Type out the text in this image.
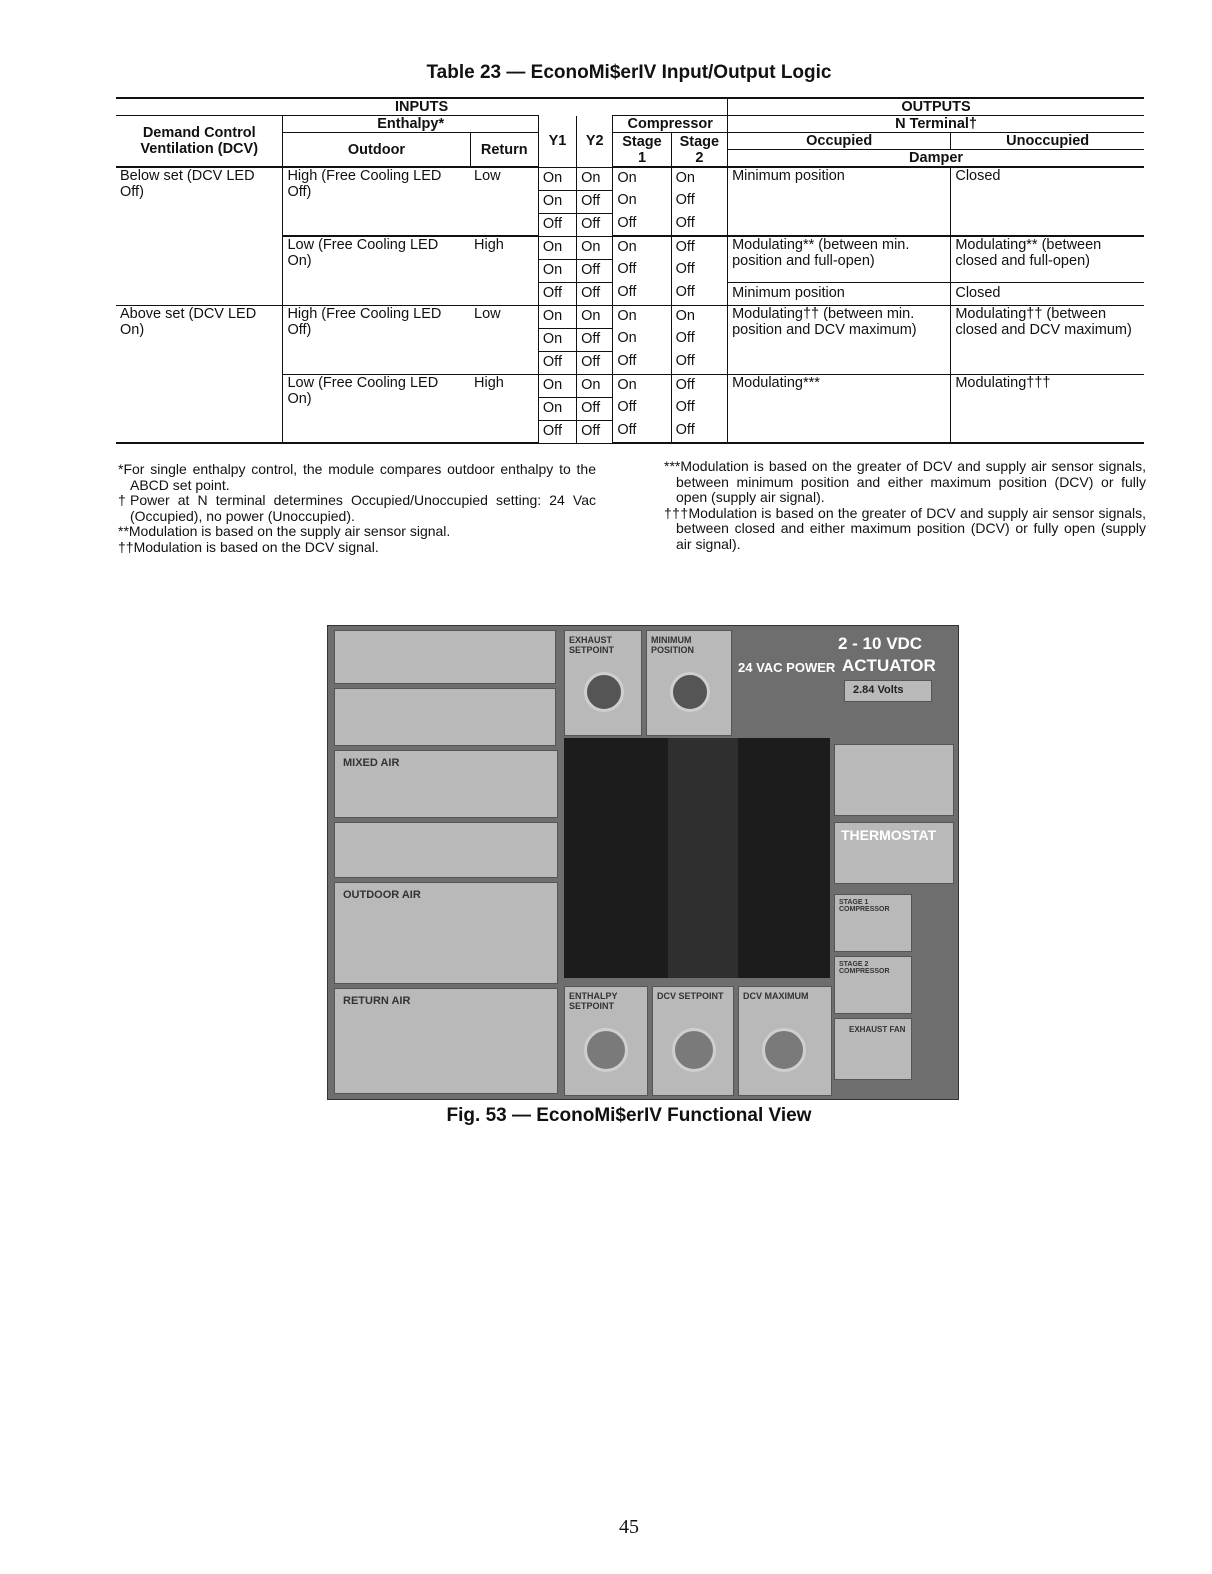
Table 23 — EconoMi$erIV Input/Output Logic
INPUTS							OUTPUTS	
Demand Control Ventilation (DCV)	Enthalpy*		Y1	Y2	Compressor		N Terminal†	
	Outdoor	Return			Stage 1	Stage 2	Occupied	Unoccupied
							Damper	
Below set (DCV LED Off)	High (Free Cooling LED Off)	Low	On	On	On	On	Minimum position	Closed
			On	Off	On	Off		
			Off	Off	Off	Off		
	Low (Free Cooling LED On)	High	On	On	On	Off	Modulating** (between min. position and full-open)	Modulating** (between closed and full-open)
			On	Off	Off	Off		
			Off	Off	Off	Off	Minimum position	Closed
Above set (DCV LED On)	High (Free Cooling LED Off)	Low	On	On	On	On	Modulating†† (between min. position and DCV maximum)	Modulating†† (between closed and DCV maximum)
			On	Off	On	Off		
			Off	Off	Off	Off		
	Low (Free Cooling LED On)	High	On	On	On	Off	Modulating***	Modulating†††
			On	Off	Off	Off		
			Off	Off	Off	Off		

*For single enthalpy control, the module compares outdoor enthalpy to the ABCD set point.

†Power at N terminal determines Occupied/Unoccupied setting: 24 Vac (Occupied), no power (Unoccupied).

**Modulation is based on the supply air sensor signal.

††Modulation is based on the DCV signal.

***Modulation is based on the greater of DCV and supply air sensor signals, between minimum position and either maximum position (DCV) or fully open (supply air signal).

†††Modulation is based on the greater of DCV and supply air sensor signals, between closed and either maximum position (DCV) or fully open (supply air signal).

MIXED AIR
OUTDOOR AIR
RETURN AIR
EXHAUST SETPOINT
MINIMUM POSITION
24 VAC POWER
2 - 10 VDC
ACTUATOR
2.84 Volts
THERMOSTAT
STAGE 1 COMPRESSOR
STAGE 2 COMPRESSOR
EXHAUST FAN
ENTHALPY SETPOINT
DCV SETPOINT DCV MAXIMUM
Fig. 53 — EconoMi$erIV Functional View
45
